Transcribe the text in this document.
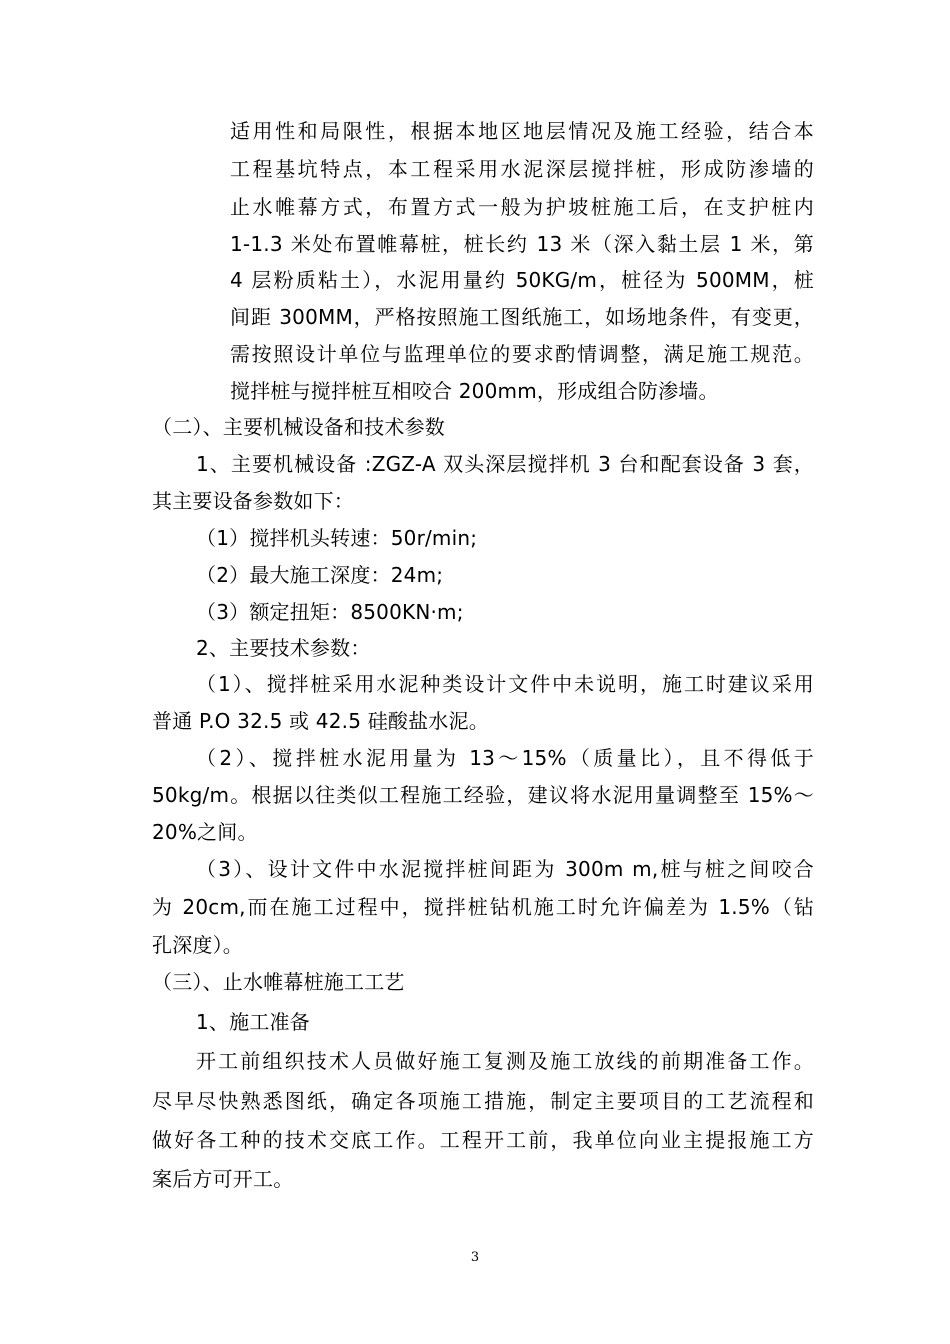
适用性和局限性，根据本地区地层情况及施工经验，结合本
工程基坑特点，本工程采用水泥深层搅拌桩，形成防渗墙的
止水帷幕方式，布置方式一般为护坡桩施工后，在支护桩内
1-1.3 米处布置帷幕桩，桩长约 13 米（深入黏土层 1 米，第
4 层粉质粘土），水泥用量约 50KG/m，桩径为 500MM，桩
间距 300MM，严格按照施工图纸施工，如场地条件，有变更，
需按照设计单位与监理单位的要求酌情调整，满足施工规范。
搅拌桩与搅拌桩互相咬合 200mm，形成组合防渗墙。
（二）、主要机械设备和技术参数
1、主要机械设备 :ZGZ-A 双头深层搅拌机 3 台和配套设备 3 套，
其主要设备参数如下：
（1）搅拌机头转速：50r/min;
（2）最大施工深度：24m;
（3）额定扭矩：8500KN·m;
2、主要技术参数：
（1）、搅拌桩采用水泥种类设计文件中未说明，施工时建议采用
普通 P.O 32.5 或 42.5 硅酸盐水泥。
（2）、搅拌桩水泥用量为 13～15%（质量比），且不得低于
50kg/m。根据以往类似工程施工经验，建议将水泥用量调整至 15%～
20%之间。
（3）、设计文件中水泥搅拌桩间距为 300m m,桩与桩之间咬合
为 20cm,而在施工过程中，搅拌桩钻机施工时允许偏差为 1.5%（钻
孔深度）。
（三）、止水帷幕桩施工工艺
1、施工准备
开工前组织技术人员做好施工复测及施工放线的前期准备工作。
尽早尽快熟悉图纸，确定各项施工措施，制定主要项目的工艺流程和
做好各工种的技术交底工作。工程开工前，我单位向业主提报施工方
案后方可开工。
3
